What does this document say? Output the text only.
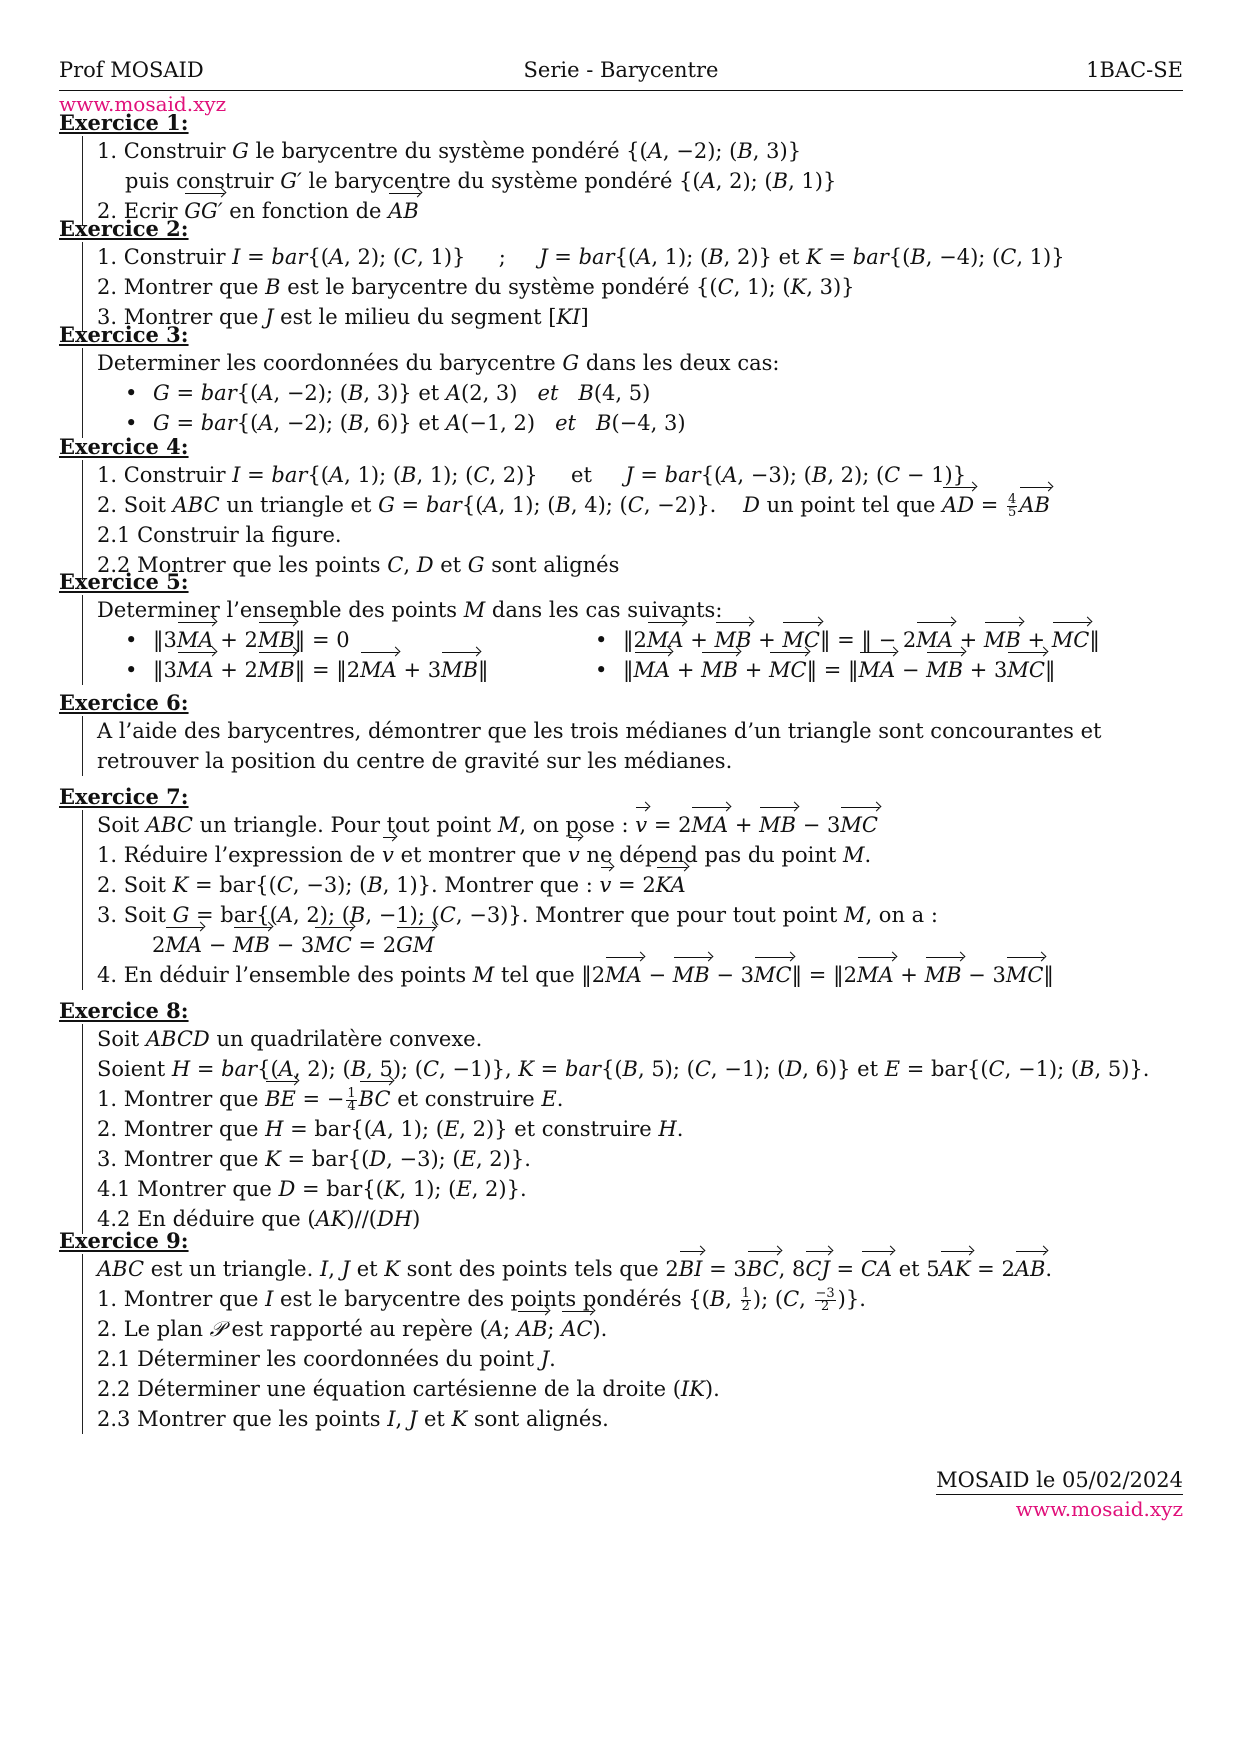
Prof MOSAID	Serie - Barycentre	1BAC-SE
www.mosaid.xyz
Exercice 1:
1. Construir G le barycentre du système pondéré {(A, −2); (B, 3)}
puis construir G′ le barycentre du système pondéré {(A, 2); (B, 1)}
2. Ecrir GG′ en fonction de AB
Exercice 2:
1. Construir I = bar{(A, 2); (C, 1)}     ;     J = bar{(A, 1); (B, 2)} et K = bar{(B, −4); (C, 1)}
2. Montrer que B est le barycentre du système pondéré {(C, 1); (K, 3)}
3. Montrer que J est le milieu du segment [KI]
Exercice 3:
Determiner les coordonnées du barycentre G dans les deux cas:
• G = bar{(A, −2); (B, 3)} et A(2, 3)   et B(4, 5)
• G = bar{(A, −2); (B, 6)} et A(−1, 2)   et B(−4, 3)
Exercice 4:
1. Construir I = bar{(A, 1); (B, 1); (C, 2)}     et     J = bar{(A, −3); (B, 2); (C − 1)}
2. Soit ABC un triangle et G = bar{(A, 1); (B, 4); (C, −2)}.    D un point tel que AD = $\frac{4}{5}$ AB
2.1 Construir la figure.
2.2 Montrer que les points C, D et G sont alignés
Exercice 5:
Determiner l’ensemble des points M dans les cas suivants:
• ‖3MA + 2MB‖ = 0	• ‖2MA + MB + MC‖ = ‖ − 2MA + MB + MC‖
• ‖3MA + 2MB‖ = ‖2MA + 3MB‖	• ‖MA + MB + MC‖ = ‖MA − MB + 3MC‖
Exercice 6:
A l’aide des barycentres, démontrer que les trois médianes d’un triangle sont concourantes et retrouver la position du centre de gravité sur les médianes.
Exercice 7:
Soit ABC un triangle. Pour tout point M, on pose : v = 2MA + MB − 3MC
1. Réduire l’expression de v et montrer que v ne dépend pas du point M.
2. Soit K = bar{(C, −3); (B, 1)}. Montrer que : v = 2KA
3. Soit G = bar{(A, 2); (B, −1); (C, −3)}. Montrer que pour tout point M, on a :
2MA − MB − 3MC = 2GM
4. En déduir l’ensemble des points M tel que ‖2MA − MB − 3MC‖ = ‖2MA + MB − 3MC‖
Exercice 8:
Soit ABCD un quadrilatère convexe.
Soient H = bar{(A, 2); (B, 5); (C, −1)}, K = bar{(B, 5); (C, −1); (D, 6)} et E = bar{(C, −1); (B, 5)}.
1. Montrer que BE = − $\frac{1}{4}$ BC et construire E.
2. Montrer que H = bar{(A, 1); (E, 2)} et construire H.
3. Montrer que K = bar{(D, −3); (E, 2)}.
4.1 Montrer que D = bar{(K, 1); (E, 2)}.
4.2 En déduire que (AK)//(DH)
Exercice 9:
ABC est un triangle. I, J et K sont des points tels que 2BI = 3BC, 8CJ = CA et 5AK = 2AB.
1. Montrer que I est le barycentre des points pondérés {(B, $\frac{1}{2}$ ); (C, $\frac{-3}{2}$ )}.
2. Le plan 𝒫 est rapporté au repère (A; AB; AC).
2.1 Déterminer les coordonnées du point J.
2.2 Déterminer une équation cartésienne de la droite (IK).
2.3 Montrer que les points I, J et K sont alignés.
MOSAID le 05/02/2024
www.mosaid.xyz
